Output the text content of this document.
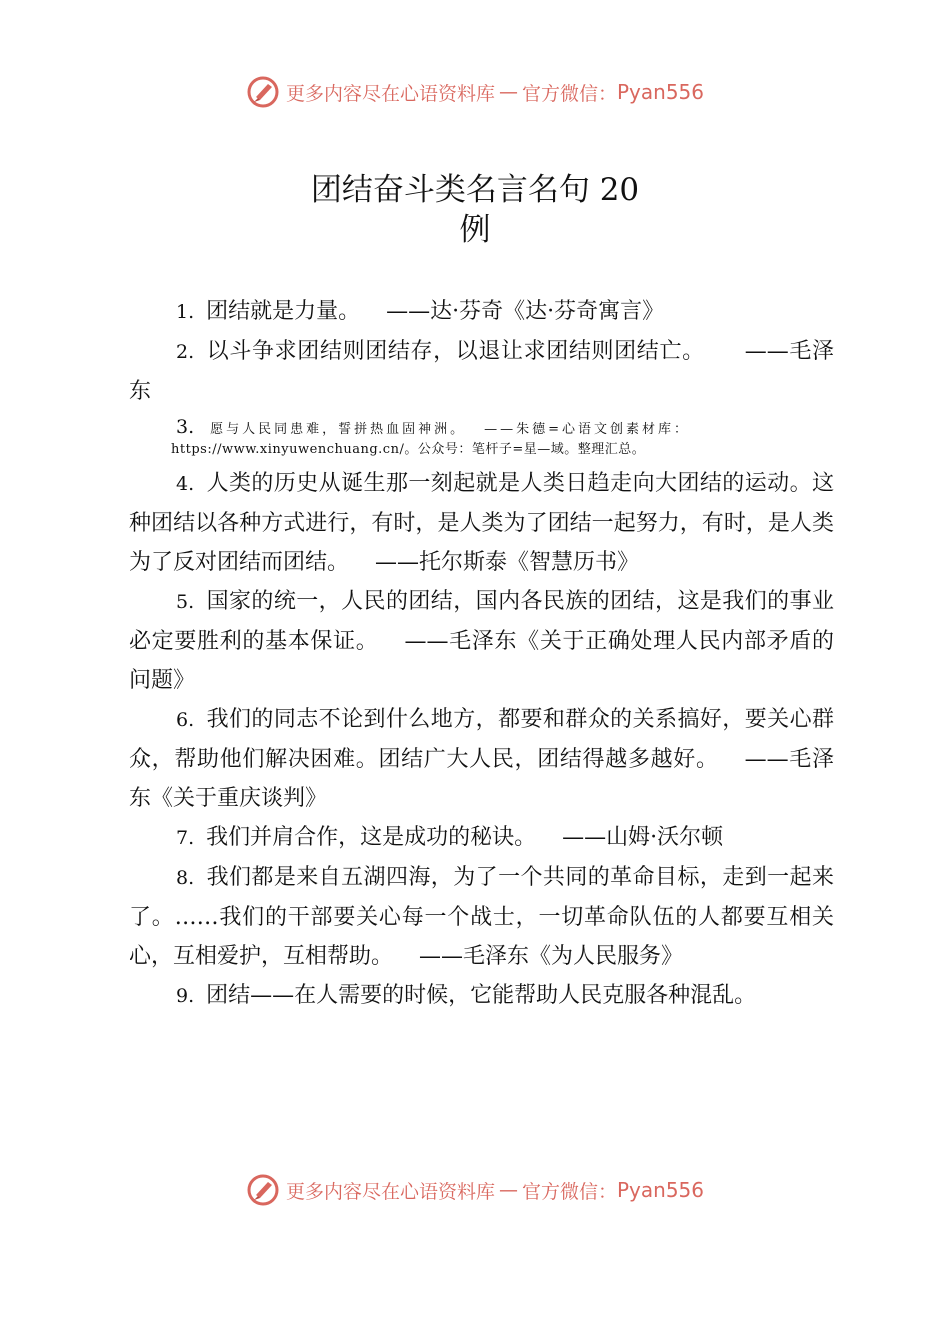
更多内容尽在心语资料库 — 官方微信： Pyan556
团结奋斗类名言名句 20
例

1. 团结就是力量。 ——达·芬奇《达·芬奇寓言》

2. 以斗争求团结则团结存，以退让求团结则团结亡。 ——毛泽东

3. 愿与人民同患难，誓拼热血固神洲。 ——朱德=心语文创素材库：
https://www.xinyuwenchuang.cn/。公众号：笔杆子=星—域。整理汇总。

4. 人类的历史从诞生那一刻起就是人类日趋走向大团结的运动。这种团结以各种方式进行，有时，是人类为了团结一起努力，有时，是人类为了反对团结而团结。 ——托尔斯泰《智慧历书》

5. 国家的统一，人民的团结，国内各民族的团结，这是我们的事业必定要胜利的基本保证。 ——毛泽东《关于正确处理人民内部矛盾的问题》

6. 我们的同志不论到什么地方，都要和群众的关系搞好，要关心群众，帮助他们解决困难。团结广大人民，团结得越多越好。 ——毛泽东《关于重庆谈判》

7. 我们并肩合作，这是成功的秘诀。 ——山姆·沃尔顿

8. 我们都是来自五湖四海，为了一个共同的革命目标，走到一起来了。……我们的干部要关心每一个战士，一切革命队伍的人都要互相关心，互相爱护，互相帮助。 ——毛泽东《为人民服务》

9. 团结——在人需要的时候，它能帮助人民克服各种混乱。

更多内容尽在心语资料库 — 官方微信： Pyan556
